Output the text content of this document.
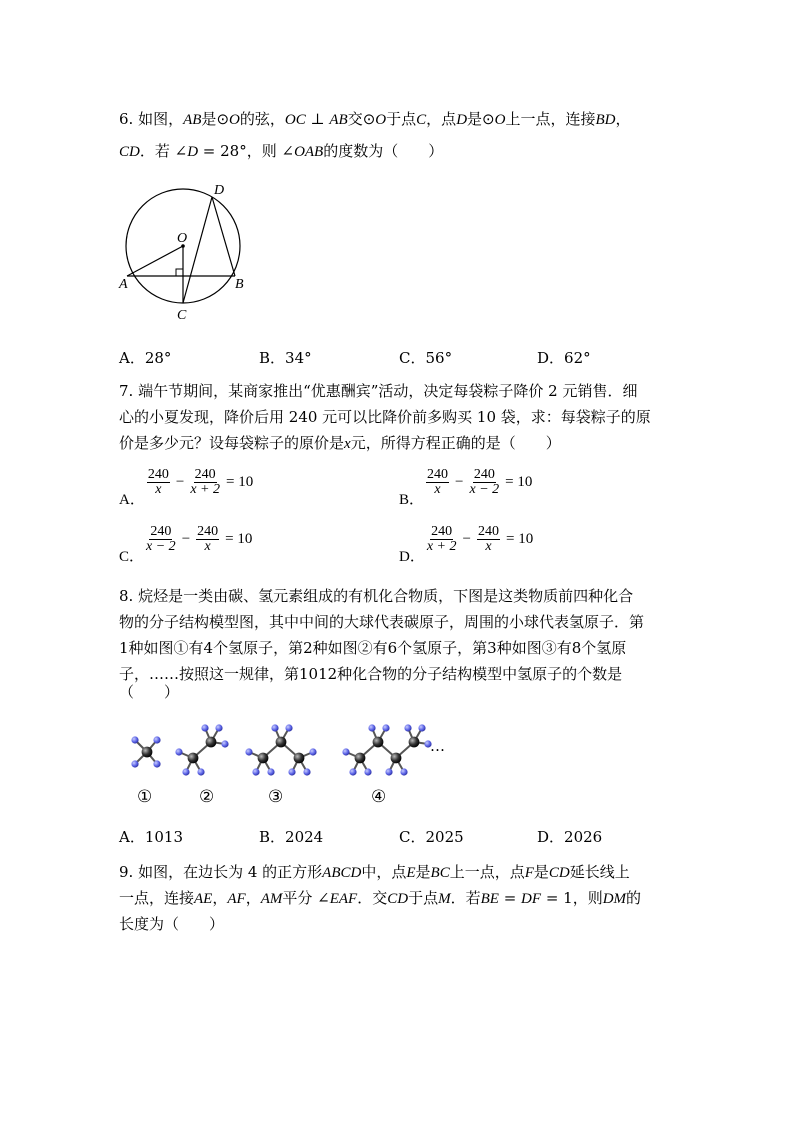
6. 如图，AB是⊙O的弦，OC ⊥ AB交⊙O于点C，点D是⊙O上一点，连接BD，
CD．若 ∠D = 28°，则 ∠OAB的度数为（　　）
D
O
A	B
C
A．28°	B．34°	C．56°	D．62°
7. 端午节期间，某商家推出“优惠酬宾”活动，决定每袋粽子降价 2 元销售．细
心的小夏发现，降价后用 240 元可以比降价前多购买 10 袋，求：每袋粽子的原
价是多少元？设每袋粽子的原价是x元，所得方程正确的是（　　）
A．
$\frac{240}{x} - \frac{240}{x + 2} = 10$
B．
$\frac{240}{x} - \frac{240}{x - 2} = 10$
C．
$\frac{240}{x - 2} - \frac{240}{x} = 10$
D．
$\frac{240}{x + 2} - \frac{240}{x} = 10$
8. 烷烃是一类由碳、氢元素组成的有机化合物质，下图是这类物质前四种化合
物的分子结构模型图，其中中间的大球代表碳原子，周围的小球代表氢原子．第
1种如图①有4个氢原子，第2种如图②有6个氢原子，第3种如图③有8个氢原
子，……按照这一规律，第1012种化合物的分子结构模型中氢原子的个数是
（　　）
…
①	②	③	④
A．1013	B．2024	C．2025	D．2026
9. 如图，在边长为 4 的正方形ABCD中，点E是BC上一点，点F是CD延长线上
一点，连接AE，AF，AM平分 ∠EAF．交CD于点M．若BE = DF = 1，则DM的
长度为（　　）
